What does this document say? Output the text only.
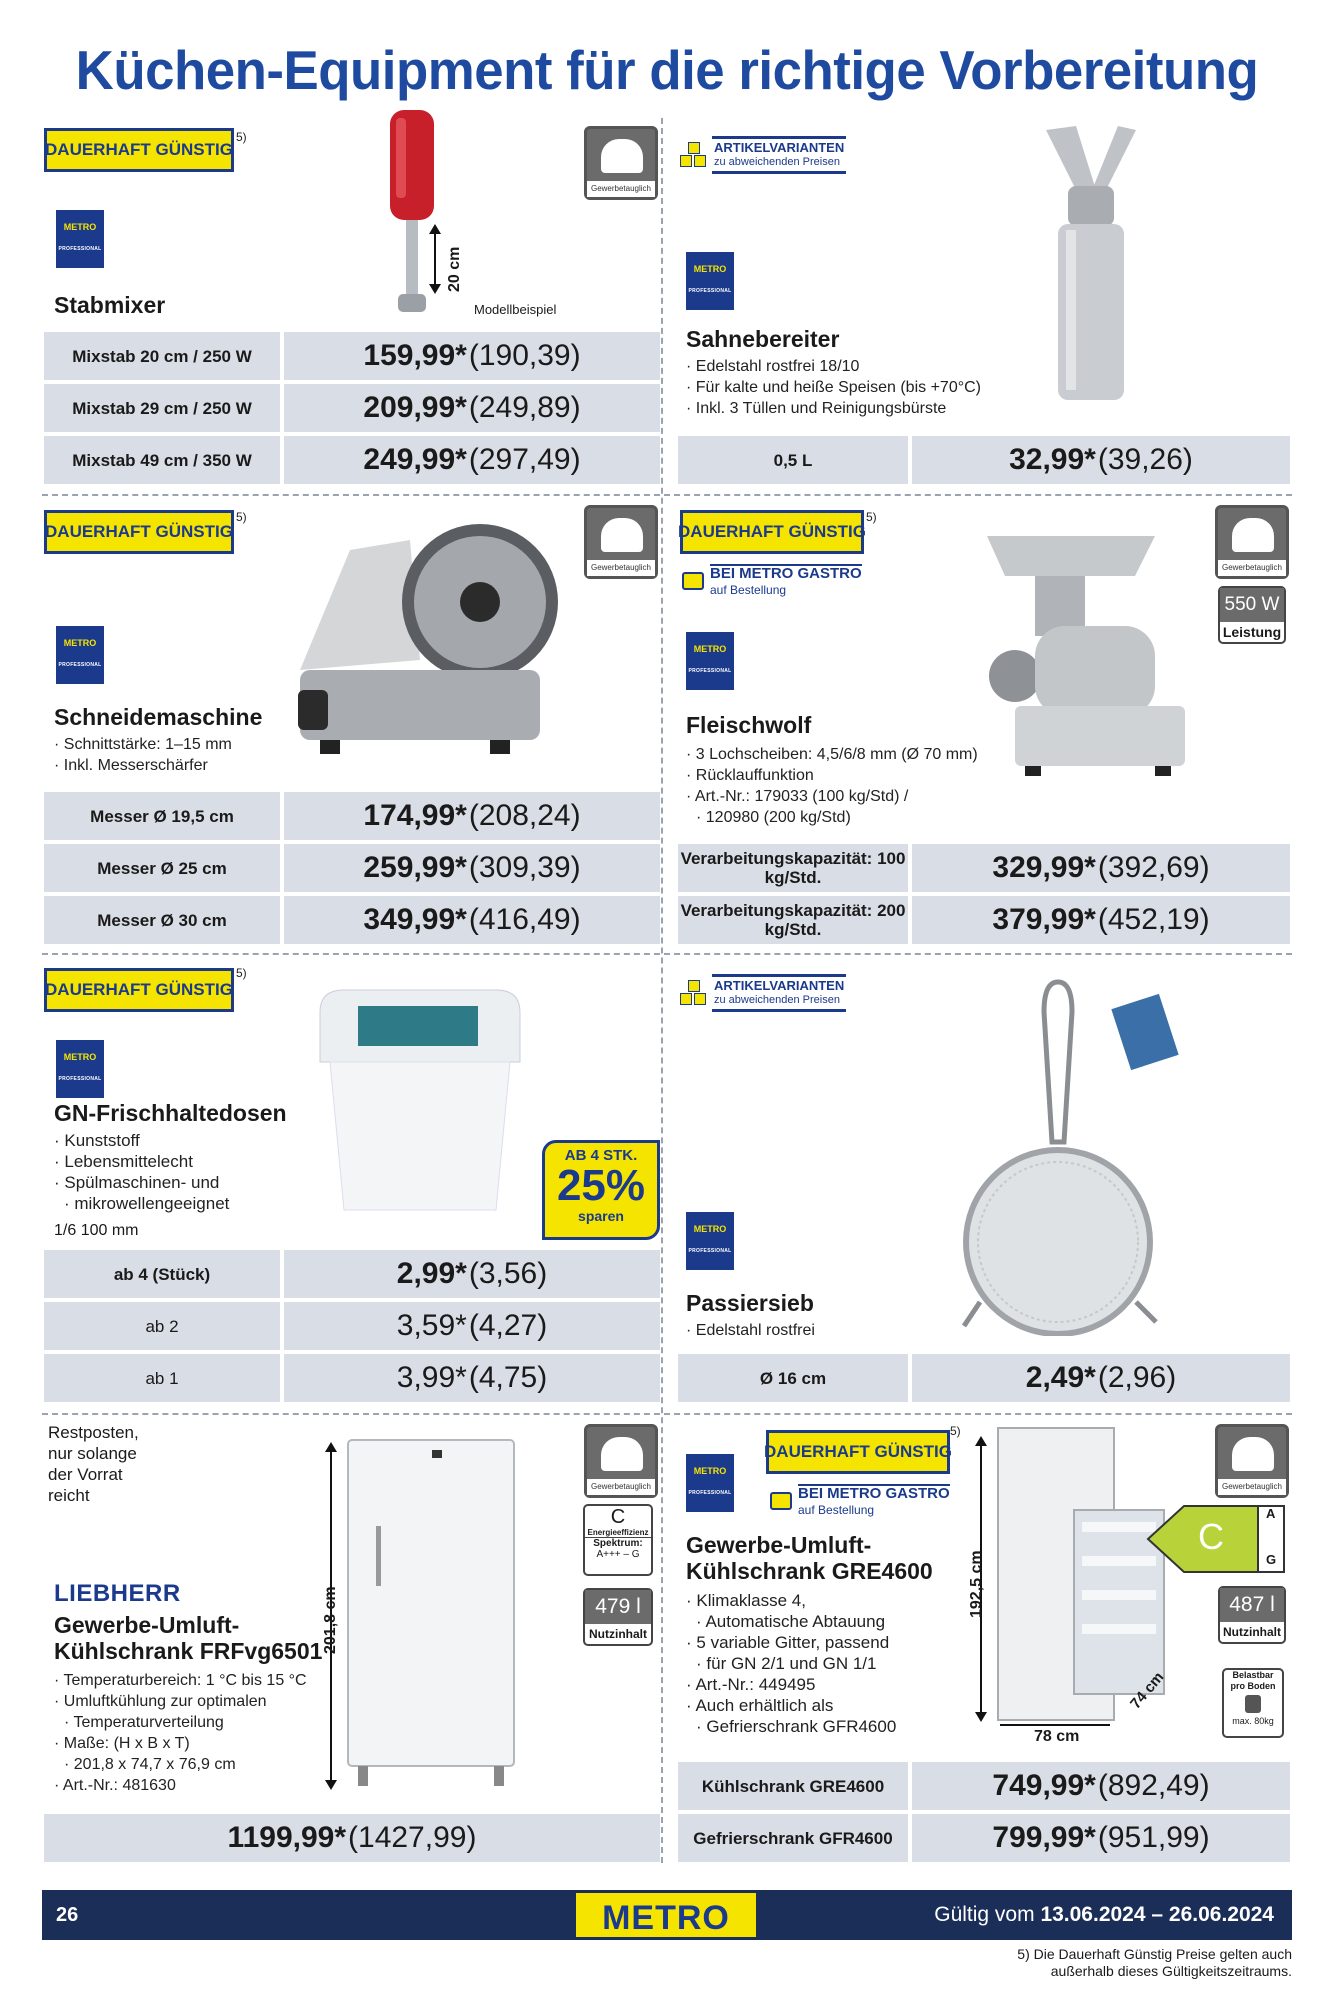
Küchen-Equipment für die richtige Vorbereitung
DAUERHAFT
GÜNSTIG
5)
METRO
PROFESSIONAL	20 cm
Modellbeispiel
Gewerbetauglich
Stabmixer
Mixstab 20 cm / 250 W	159,99* (190,39)
Mixstab 29 cm / 250 W	209,99* (249,89)
Mixstab 49 cm / 350 W	249,99* (297,49)
ARTIKELVARIANTEN
zu abweichenden Preisen
METRO
PROFESSIONAL
Sahnebereiter
· Edelstahl rostfrei 18/10
· Für kalte und heiße Speisen (bis +70°C)
· Inkl. 3 Tüllen und Reinigungsbürste
0,5 L	32,99* (39,26)
DAUERHAFT
GÜNSTIG
5)
METRO
PROFESSIONAL
Gewerbetauglich
Schneidemaschine
· Schnittstärke: 1–15 mm
· Inkl. Messerschärfer
Messer Ø 19,5 cm	174,99* (208,24)
Messer Ø 25 cm	259,99* (309,39)
Messer Ø 30 cm	349,99* (416,49)
DAUERHAFT
GÜNSTIG
5)
BEI METRO GASTRO
auf Bestellung
METRO
PROFESSIONAL
Gewerbetauglich
550 W
Leistung
Fleischwolf
· 3 Lochscheiben: 4,5/6/8 mm (Ø 70 mm)
· Rücklauffunktion
· Art.-Nr.: 179033 (100 kg/Std) /
· 120980 (200 kg/Std)
Verarbeitungskapazität: 100 kg/Std.	329,99* (392,69)
Verarbeitungskapazität: 200 kg/Std.	379,99* (452,19)
DAUERHAFT
GÜNSTIG
5)
METRO
PROFESSIONAL
AB 4 STK.
25%
sparen
GN-Frischhaltedosen
· Kunststoff
· Lebensmittelecht
· Spülmaschinen- und
· mikrowellengeeignet
1/6 100 mm
ab 4 (Stück)	2,99* (3,56)
ab 2	3,59* (4,27)
ab 1	3,99* (4,75)
ARTIKELVARIANTEN
zu abweichenden Preisen
METRO
PROFESSIONAL
Passiersieb
· Edelstahl rostfrei
Ø 16 cm	2,49* (2,96)
Restposten,
nur solange
der Vorrat
reicht
LIEBHERR	201,8 cm
Gewerbetauglich
C
Energieeffizienz
Spektrum:
A+++ – G
479 l
Nutzinhalt
Gewerbe-Umluft-
Kühlschrank FRFvg6501
· Temperaturbereich: 1 °C bis 15 °C
· Umluftkühlung zur optimalen
· Temperaturverteilung
· Maße: (H x B x T)
· 201,8 x 74,7 x 76,9 cm
· Art.-Nr.: 481630
1199,99* (1427,99)
METRO
PROFESSIONAL
DAUERHAFT
GÜNSTIG
5)
BEI METRO GASTRO
auf Bestellung
192,5 cm
78 cm
74 cm
C
A
G
Gewerbetauglich
487 l
Nutzinhalt
Belastbar
pro Boden
max. 80kg
Gewerbe-Umluft-
Kühlschrank GRE4600
· Klimaklasse 4,
· Automatische Abtauung
· 5 variable Gitter, passend
· für GN 2/1 und GN 1/1
· Art.-Nr.: 449495
· Auch erhältlich als
· Gefrierschrank GFR4600
Kühlschrank GRE4600	749,99* (892,49)
Gefrierschrank GFR4600	799,99* (951,99)
26	Gültig vom 13.06.2024 – 26.06.2024
METRO
5) Die Dauerhaft Günstig Preise gelten auch
außerhalb dieses Gültigkeitszeitraums.
